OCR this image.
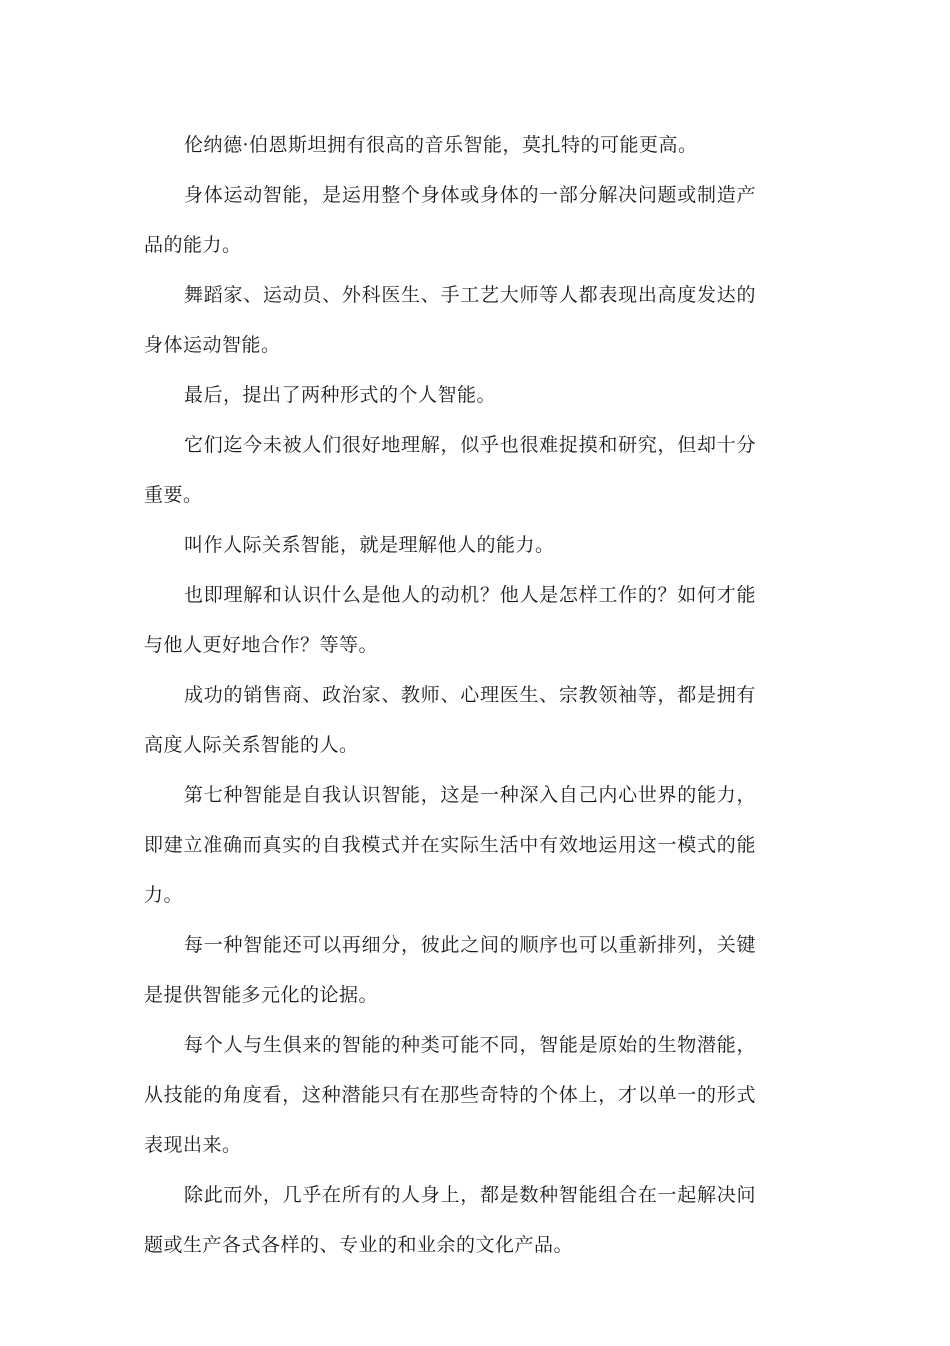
伦纳德·伯恩斯坦拥有很高的音乐智能，莫扎特的可能更高。

身体运动智能，是运用整个身体或身体的一部分解决问题或制造产品的能力。

舞蹈家、运动员、外科医生、手工艺大师等人都表现出高度发达的身体运动智能。

最后，提出了两种形式的个人智能。

它们迄今未被人们很好地理解，似乎也很难捉摸和研究，但却十分重要。

叫作人际关系智能，就是理解他人的能力。

也即理解和认识什么是他人的动机？他人是怎样工作的？如何才能与他人更好地合作？等等。

成功的销售商、政治家、教师、心理医生、宗教领袖等，都是拥有高度人际关系智能的人。

第七种智能是自我认识智能，这是一种深入自己内心世界的能力，即建立准确而真实的自我模式并在实际生活中有效地运用这一模式的能力。

每一种智能还可以再细分，彼此之间的顺序也可以重新排列，关键是提供智能多元化的论据。

每个人与生俱来的智能的种类可能不同，智能是原始的生物潜能，从技能的角度看，这种潜能只有在那些奇特的个体上，才以单一的形式表现出来。

除此而外，几乎在所有的人身上，都是数种智能组合在一起解决问题或生产各式各样的、专业的和业余的文化产品。
